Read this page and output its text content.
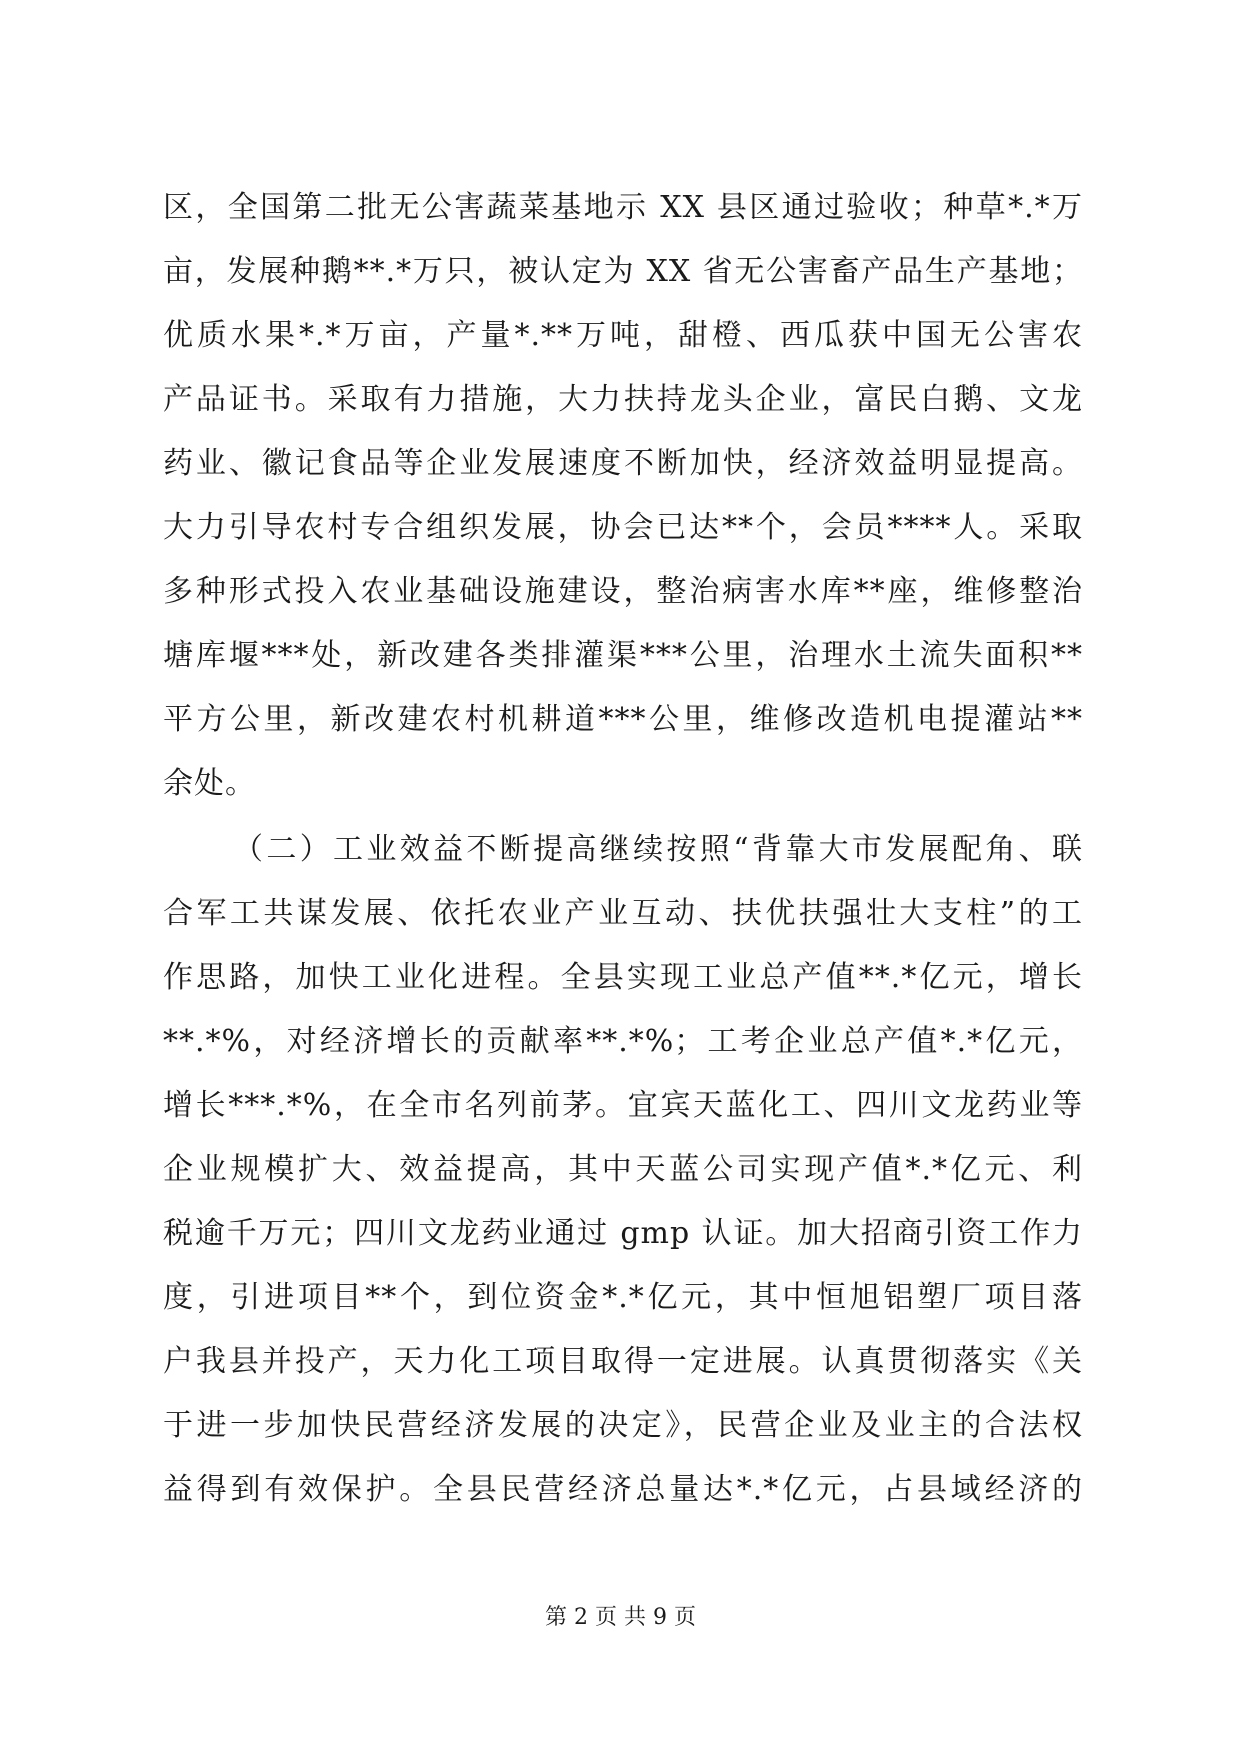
区，全国第二批无公害蔬菜基地示 XX 县区通过验收；种草*.*万
亩，发展种鹅**.*万只，被认定为 XX 省无公害畜产品生产基地；
优质水果*.*万亩，产量*.**万吨，甜橙、西瓜获中国无公害农
产品证书。采取有力措施，大力扶持龙头企业，富民白鹅、文龙
药业、徽记食品等企业发展速度不断加快，经济效益明显提高。
大力引导农村专合组织发展，协会已达**个，会员****人。采取
多种形式投入农业基础设施建设，整治病害水库**座，维修整治
塘库堰***处，新改建各类排灌渠***公里，治理水土流失面积**
平方公里，新改建农村机耕道***公里，维修改造机电提灌站**
余处。
（二）工业效益不断提高继续按照“背靠大市发展配角、联
合军工共谋发展、依托农业产业互动、扶优扶强壮大支柱”的工
作思路，加快工业化进程。全县实现工业总产值**.*亿元，增长
**.*%，对经济增长的贡献率**.*%；工考企业总产值*.*亿元，
增长***.*%，在全市名列前茅。宜宾天蓝化工、四川文龙药业等
企业规模扩大、效益提高，其中天蓝公司实现产值*.*亿元、利
税逾千万元；四川文龙药业通过 gmp 认证。加大招商引资工作力
度，引进项目**个，到位资金*.*亿元，其中恒旭铝塑厂项目落
户我县并投产，天力化工项目取得一定进展。认真贯彻落实《关
于进一步加快民营经济发展的决定》，民营企业及业主的合法权
益得到有效保护。全县民营经济总量达*.*亿元，占县域经济的
第 2 页 共 9 页
